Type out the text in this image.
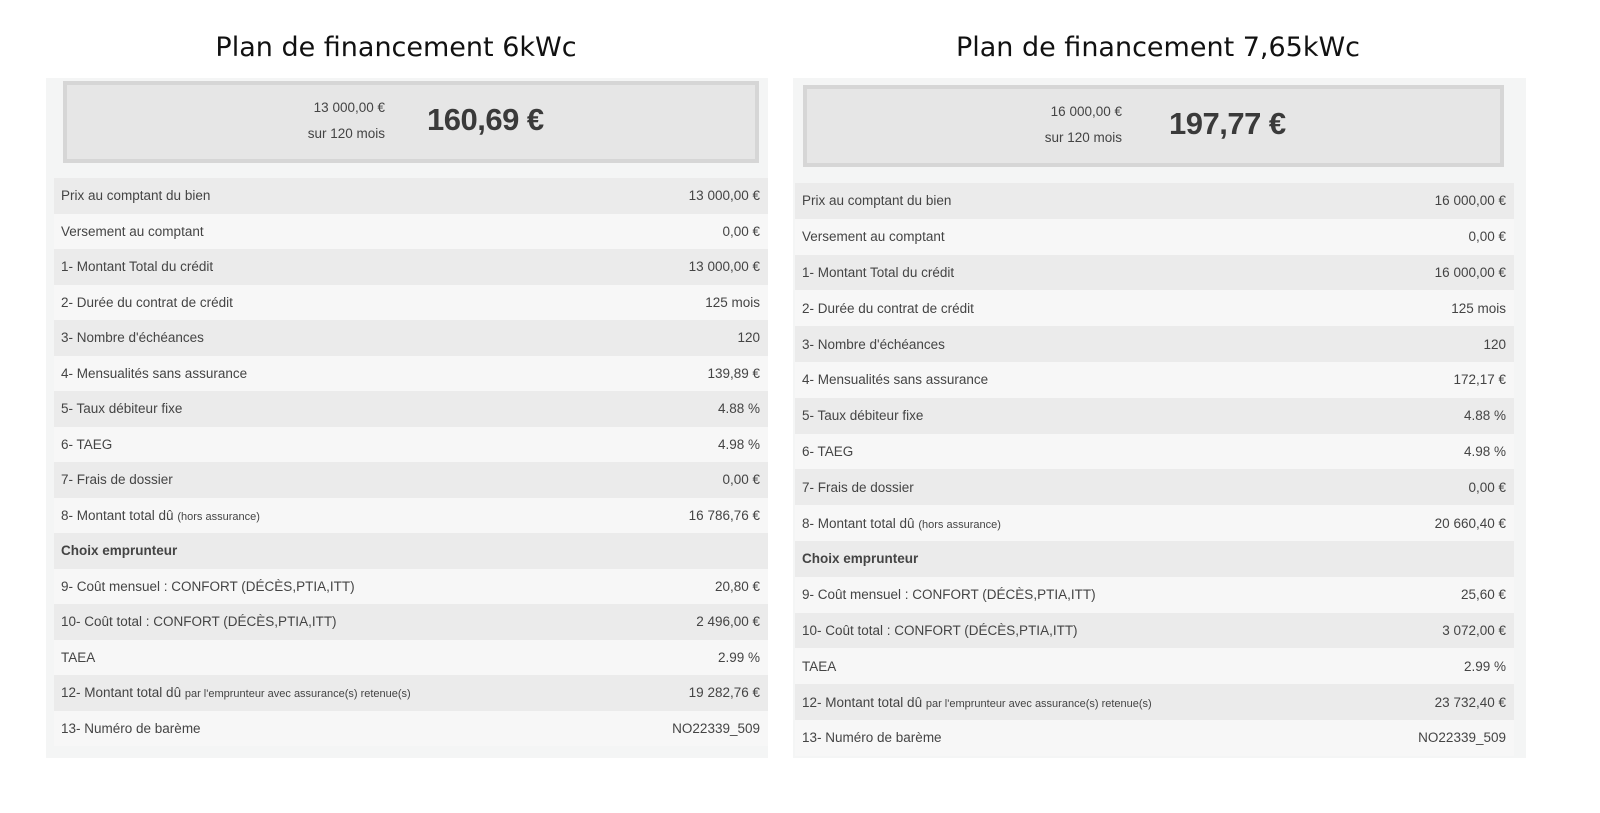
Plan de financement 6kWc
13 000,00 €
sur 120 mois 160,69 €
Prix au comptant du bien	13 000,00 €
Versement au comptant	0,00 €
1- Montant Total du crédit	13 000,00 €
2- Durée du contrat de crédit	125 mois
3- Nombre d'échéances	120
4- Mensualités sans assurance	139,89 €
5- Taux débiteur fixe	4.88 %
6- TAEG	4.98 %
7- Frais de dossier	0,00 €
8- Montant total dû (hors assurance)	16 786,76 €
Choix emprunteur
9- Coût mensuel : CONFORT (DÉCÈS,PTIA,ITT)	20,80 €
10- Coût total : CONFORT (DÉCÈS,PTIA,ITT)	2 496,00 €
TAEA	2.99 %
12- Montant total dû par l'emprunteur avec assurance(s) retenue(s)	19 282,76 €
13- Numéro de barème	NO22339_509
Plan de financement 7,65kWc
16 000,00 €
sur 120 mois 197,77 €
Prix au comptant du bien	16 000,00 €
Versement au comptant	0,00 €
1- Montant Total du crédit	16 000,00 €
2- Durée du contrat de crédit	125 mois
3- Nombre d'échéances	120
4- Mensualités sans assurance	172,17 €
5- Taux débiteur fixe	4.88 %
6- TAEG	4.98 %
7- Frais de dossier	0,00 €
8- Montant total dû (hors assurance)	20 660,40 €
Choix emprunteur
9- Coût mensuel : CONFORT (DÉCÈS,PTIA,ITT)	25,60 €
10- Coût total : CONFORT (DÉCÈS,PTIA,ITT)	3 072,00 €
TAEA	2.99 %
12- Montant total dû par l'emprunteur avec assurance(s) retenue(s)	23 732,40 €
13- Numéro de barème	NO22339_509
